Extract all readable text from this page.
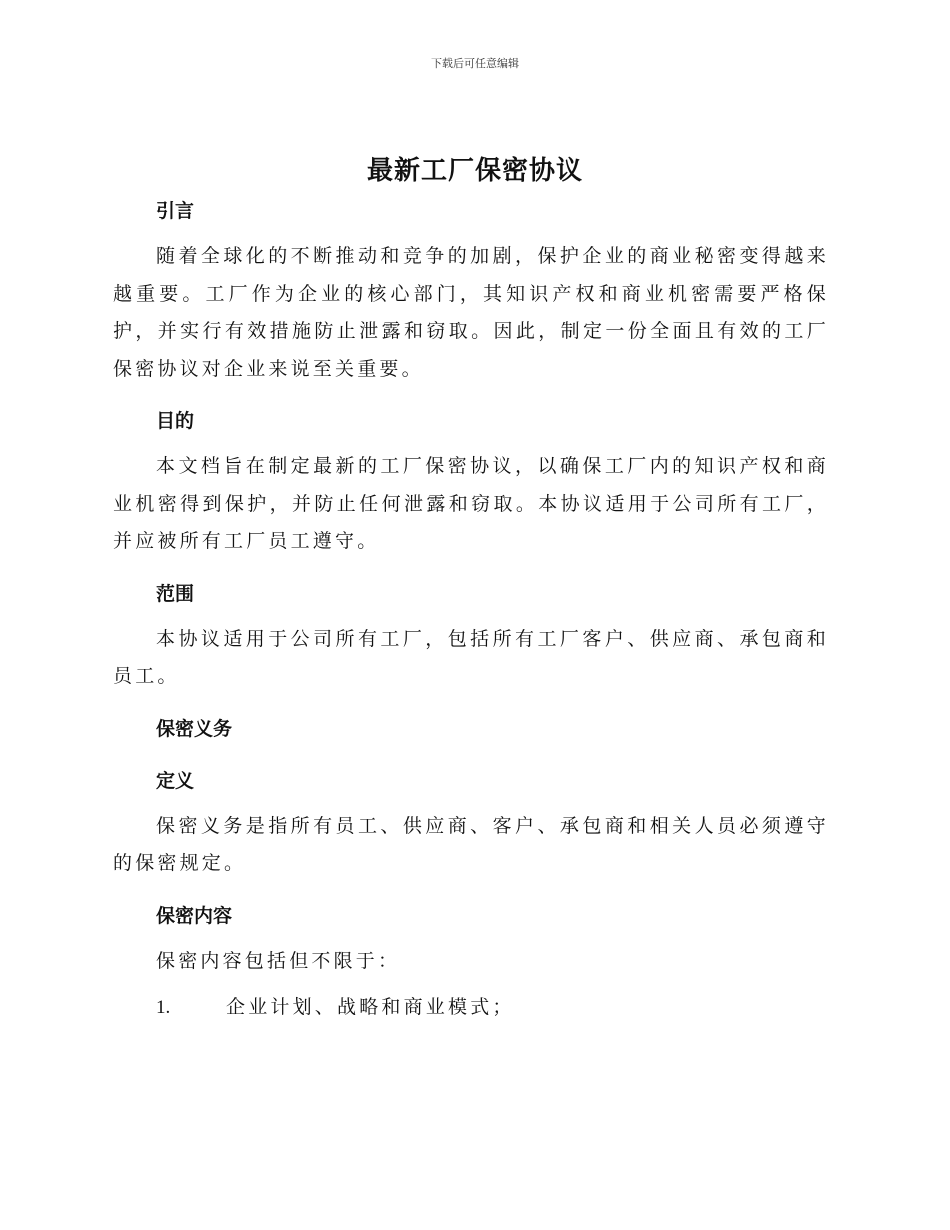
下载后可任意编辑
最新工厂保密协议

引言

随着全球化的不断推动和竞争的加剧，保护企业的商业秘密变得越来越重要。工厂作为企业的核心部门，其知识产权和商业机密需要严格保护，并实行有效措施防止泄露和窃取。因此，制定一份全面且有效的工厂保密协议对企业来说至关重要。

目的

本文档旨在制定最新的工厂保密协议，以确保工厂内的知识产权和商业机密得到保护，并防止任何泄露和窃取。本协议适用于公司所有工厂，并应被所有工厂员工遵守。

范围

本协议适用于公司所有工厂，包括所有工厂客户、供应商、承包商和员工。

保密义务

定义

保密义务是指所有员工、供应商、客户、承包商和相关人员必须遵守的保密规定。

保密内容

保密内容包括但不限于：

1.	企业计划、战略和商业模式；
